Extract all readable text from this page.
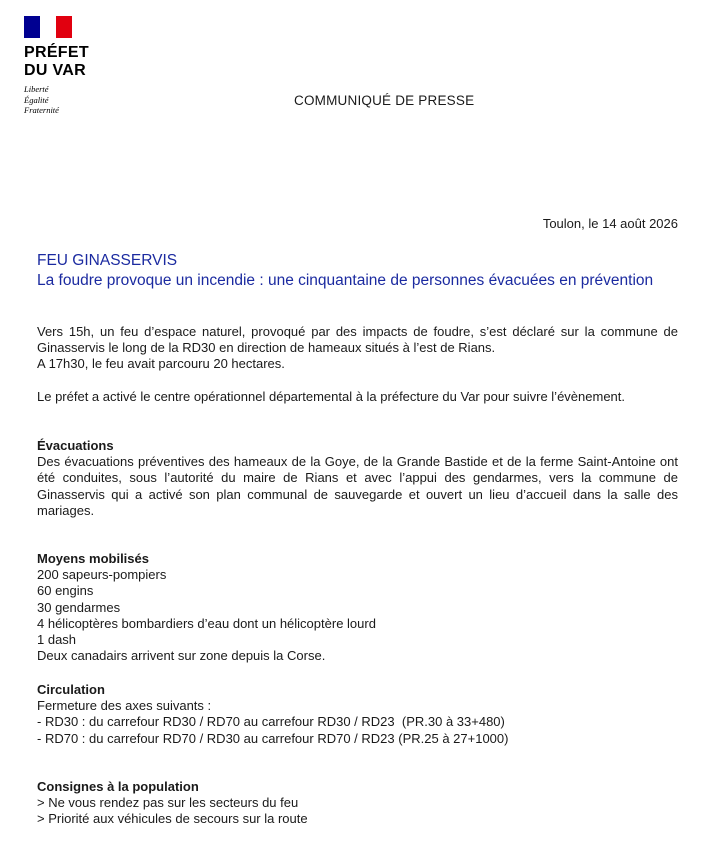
PRÉFET
DU VAR
Liberté
Égalité
Fraternité
COMMUNIQUÉ DE PRESSE
Toulon, le 14 août 2026
FEU GINASSERVIS
La foudre provoque un incendie : une cinquantaine de personnes évacuées en prévention

Vers 15h, un feu d’espace naturel, provoqué par des impacts de foudre, s’est déclaré sur la commune de Ginasservis le long de la RD30 en direction de hameaux situés à l’est de Rians.

A 17h30, le feu avait parcouru 20 hectares.

Le préfet a activé le centre opérationnel départemental à la préfecture du Var pour suivre l’évènement.

Évacuations

Des évacuations préventives des hameaux de la Goye, de la Grande Bastide et de la ferme Saint-Antoine ont été conduites, sous l’autorité du maire de Rians et avec l’appui des gendarmes, vers la commune de Ginasservis qui a activé son plan communal de sauvegarde et ouvert un lieu d’accueil dans la salle des mariages.

Moyens mobilisés
200 sapeurs-pompiers
60 engins
30 gendarmes
4 hélicoptères bombardiers d’eau dont un hélicoptère lourd
1 dash
Deux canadairs arrivent sur zone depuis la Corse.
Circulation
Fermeture des axes suivants :
- RD30 : du carrefour RD30 / RD70 au carrefour RD30 / RD23  (PR.30 à 33+480)
- RD70 : du carrefour RD70 / RD30 au carrefour RD70 / RD23 (PR.25 à 27+1000)
Consignes à la population
> Ne vous rendez pas sur les secteurs du feu
> Priorité aux véhicules de secours sur la route
